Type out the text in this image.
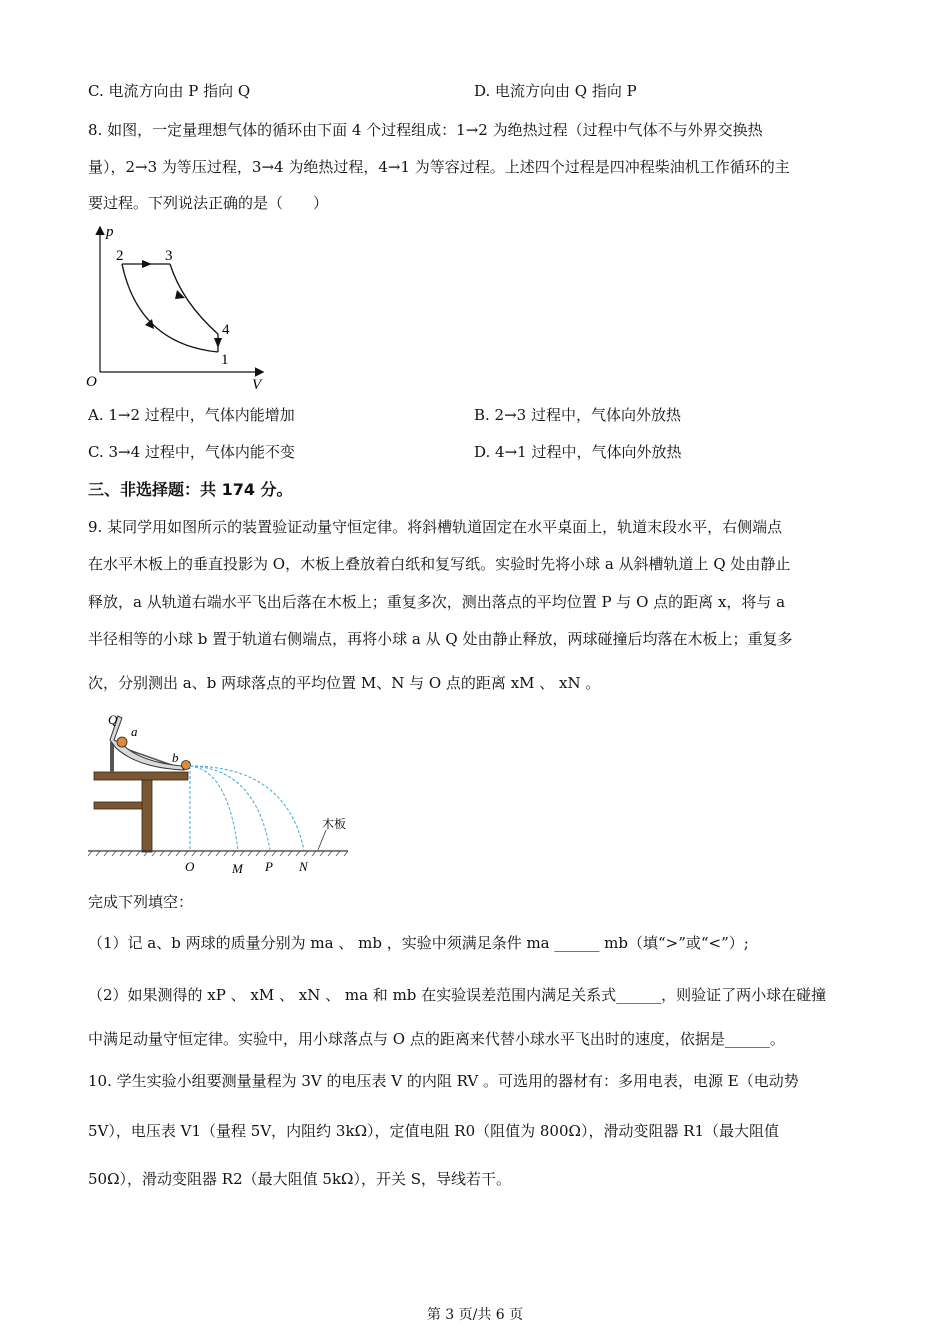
C. 电流方向由 P 指向 Q	D. 电流方向由 Q 指向 P
8. 如图，一定量理想气体的循环由下面 4 个过程组成：1→2 为绝热过程（过程中气体不与外界交换热
量），2→3 为等压过程，3→4 为绝热过程，4→1 为等容过程。上述四个过程是四冲程柴油机工作循环的主
要过程。下列说法正确的是（　　）
p
V
O
2	3
4
1
A. 1→2 过程中，气体内能增加	B. 2→3 过程中，气体向外放热
C. 3→4 过程中，气体内能不变	D. 4→1 过程中，气体向外放热
三、非选择题：共 174 分。
9. 某同学用如图所示的装置验证动量守恒定律。将斜槽轨道固定在水平桌面上，轨道末段水平，右侧端点
在水平木板上的垂直投影为 O，木板上叠放着白纸和复写纸。实验时先将小球 a 从斜槽轨道上 Q 处由静止
释放，a 从轨道右端水平飞出后落在木板上；重复多次，测出落点的平均位置 P 与 O 点的距离 x，将与 a
半径相等的小球 b 置于轨道右侧端点，再将小球 a 从 Q 处由静止释放，两球碰撞后均落在木板上；重复多
次，分别测出 a、b 两球落点的平均位置 M、N 与 O 点的距离 xM 、 xN 。
Q
a
b
木板
O	M P N
完成下列填空：
（1）记 a、b 两球的质量分别为 ma 、 mb ，实验中须满足条件 ma ______ mb（填“>”或“<”）;
（2）如果测得的 xP 、 xM 、 xN 、 ma 和 mb 在实验误差范围内满足关系式______，则验证了两小球在碰撞
中满足动量守恒定律。实验中，用小球落点与 O 点的距离来代替小球水平飞出时的速度，依据是______。
10. 学生实验小组要测量量程为 3V 的电压表 V 的内阻 RV 。可选用的器材有：多用电表，电源 E（电动势
5V），电压表 V1（量程 5V，内阻约 3kΩ），定值电阻 R0（阻值为 800Ω），滑动变阻器 R1（最大阻值
50Ω），滑动变阻器 R2（最大阻值 5kΩ），开关 S，导线若干。
第 3 页/共 6 页
